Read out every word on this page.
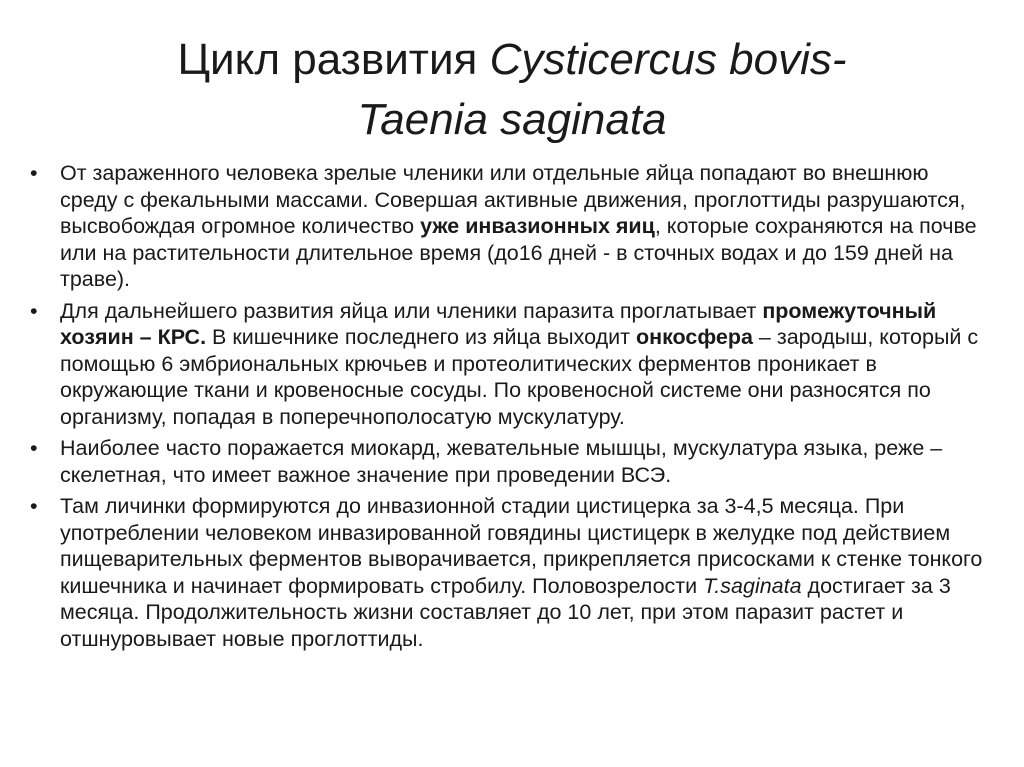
Цикл развития Cysticercus bovis-
Taenia saginata
• От зараженного человека зрелые членики или отдельные яйца попадают во внешнюю среду с фекальными массами. Совершая активные движения, проглоттиды разрушаются, высвобождая огромное количество уже инвазионных яиц, которые сохраняются на почве или на растительности длительное время (до16 дней - в сточных водах и до 159 дней на траве).
• Для дальнейшего развития яйца или членики паразита проглатывает промежуточный хозяин – КРС. В кишечнике последнего из яйца выходит онкосфера – зародыш, который с помощью 6 эмбриональных крючьев и протеолитических ферментов проникает в окружающие ткани и кровеносные сосуды. По кровеносной системе они разносятся по организму, попадая в поперечнополосатую мускулатуру.
• Наиболее часто поражается миокард, жевательные мышцы, мускулатура языка, реже – скелетная, что имеет важное значение при проведении ВСЭ.
• Там личинки формируются до инвазионной стадии цистицерка за 3-4,5 месяца. При употреблении человеком инвазированной говядины цистицерк в желудке под действием пищеварительных ферментов выворачивается, прикрепляется присосками к стенке тонкого кишечника и начинает формировать стробилу. Половозрелости T.saginata достигает за 3 месяца. Продолжительность жизни составляет до 10 лет, при этом паразит растет и отшнуровывает новые проглоттиды.
